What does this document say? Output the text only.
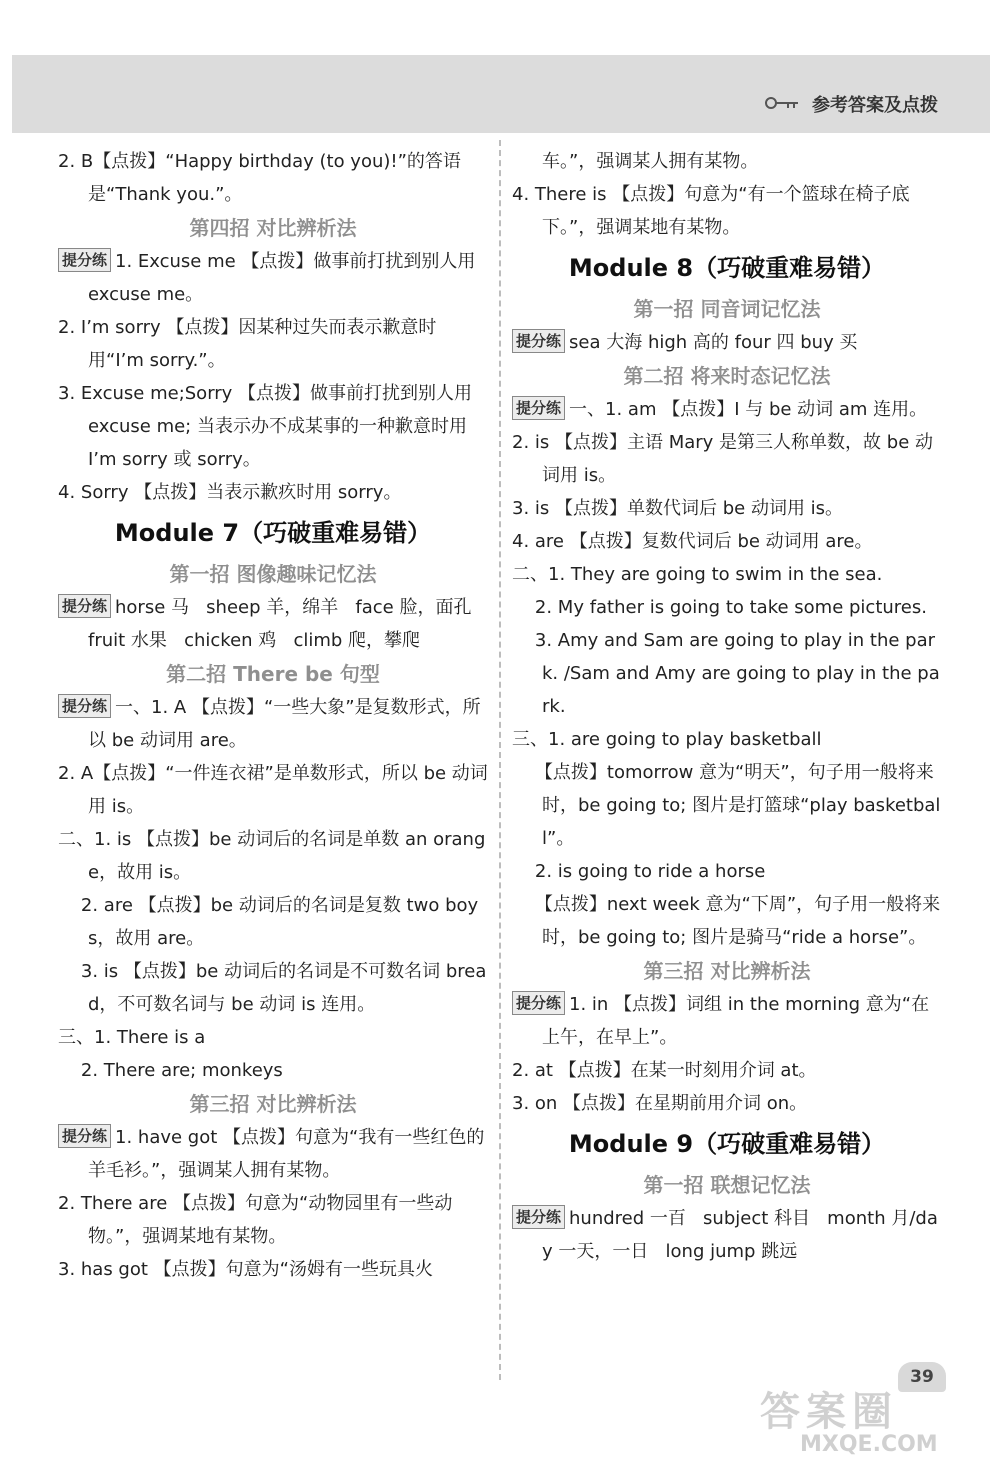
参考答案及点拨
2. B【点拨】“Happy birthday (to you)!”的答语是“Thank you.”。
第四招 对比辨析法
提分练 1. Excuse me 【点拨】做事前打扰到别人用 excuse me。
2. I’m sorry 【点拨】因某种过失而表示歉意时用“I’m sorry.”。
3. Excuse me;Sorry 【点拨】做事前打扰到别人用 excuse me; 当表示办不成某事的一种歉意时用 I’m sorry 或 sorry。
4. Sorry 【点拨】当表示歉疚时用 sorry。
Module 7（巧破重难易错）
第一招 图像趣味记忆法
提分练 horse 马   sheep 羊，绵羊   face 脸，面孔  fruit 水果   chicken 鸡   climb 爬，攀爬
第二招 There be 句型
提分练 一、1. A 【点拨】“一些大象”是复数形式，所以 be 动词用 are。
2. A【点拨】“一件连衣裙”是单数形式，所以 be 动词用 is。
二、1. is 【点拨】be 动词后的名词是单数 an orange，故用 is。
2. are 【点拨】be 动词后的名词是复数 two boys，故用 are。
3. is 【点拨】be 动词后的名词是不可数名词 bread，不可数名词与 be 动词 is 连用。
三、1. There is a
2. There are; monkeys
第三招 对比辨析法
提分练 1. have got 【点拨】句意为“我有一些红色的羊毛衫。”，强调某人拥有某物。
2. There are 【点拨】句意为“动物园里有一些动物。”，强调某地有某物。
3. has got 【点拨】句意为“汤姆有一些玩具火
车。”，强调某人拥有某物。
4. There is 【点拨】句意为“有一个篮球在椅子底下。”，强调某地有某物。
Module 8（巧破重难易错）
第一招 同音词记忆法
提分练 sea 大海 high 高的 four 四 buy 买
第二招 将来时态记忆法
提分练 一、1. am 【点拨】I 与 be 动词 am 连用。
2. is 【点拨】主语 Mary 是第三人称单数，故 be 动词用 is。
3. is 【点拨】单数代词后 be 动词用 is。
4. are 【点拨】复数代词后 be 动词用 are。
二、1. They are going to swim in the sea.
2. My father is going to take some pictures.
3. Amy and Sam are going to play in the park. /Sam and Amy are going to play in the park.
三、1. are going to play basketball
【点拨】tomorrow 意为“明天”，句子用一般将来时，be going to; 图片是打篮球“play basketball”。
2. is going to ride a horse
【点拨】next week 意为“下周”，句子用一般将来时，be going to; 图片是骑马“ride a horse”。
第三招 对比辨析法
提分练 1. in 【点拨】词组 in the morning 意为“在上午，在早上”。
2. at 【点拨】在某一时刻用介词 at。
3. on 【点拨】在星期前用介词 on。
Module 9（巧破重难易错）
第一招 联想记忆法
提分练 hundred 一百   subject 科目   month 月/day 一天，一日   long jump 跳远
39
答案圈
MXQE.COM
